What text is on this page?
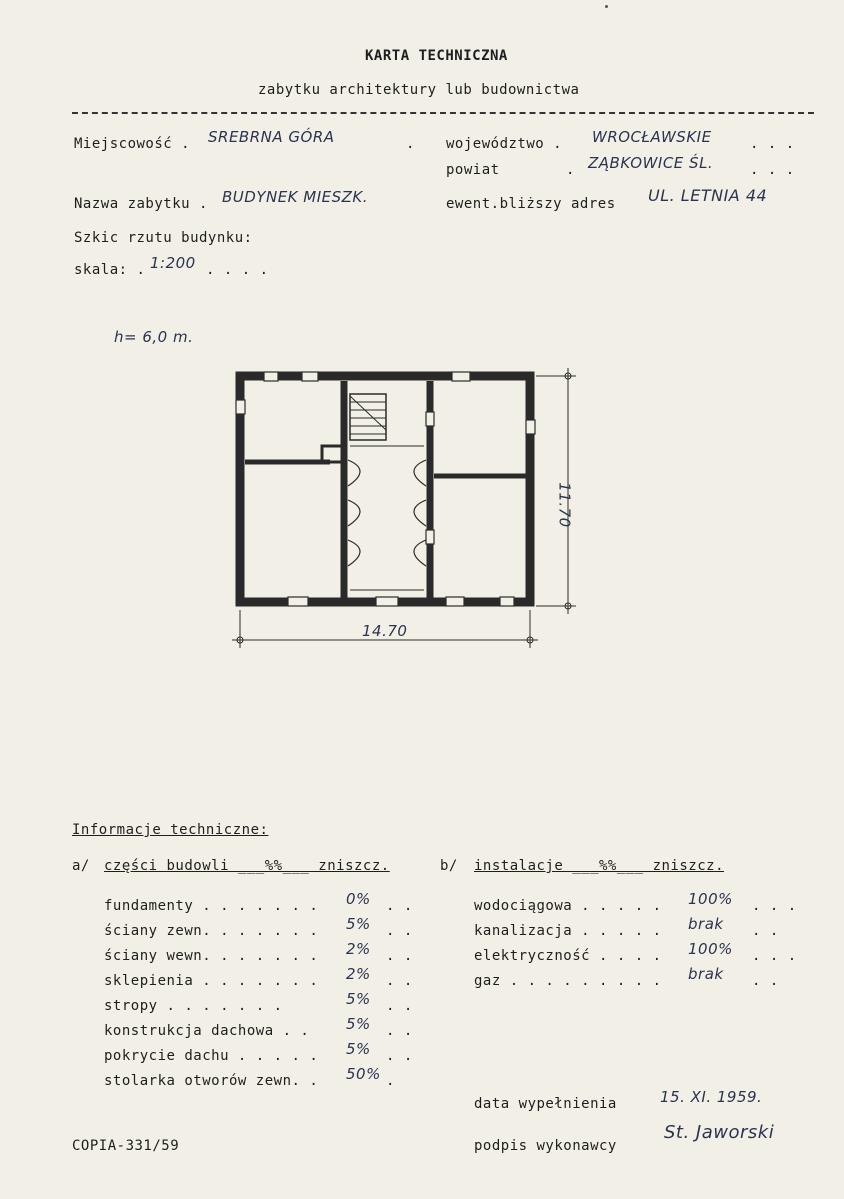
KARTA TECHNICZNA
zabytku architektury lub budownictwa
Miejscowość . SREBRNA GÓRA	. województwo . WROCŁAWSKIE	. . .
powiat	. ZĄBKOWICE ŚL.	. . .
Nazwa zabytku . BUDYNEK MIESZK.	ewent.bliższy adres UL. LETNIA 44
Szkic rzutu budynku:
skala: . 1:200 . . . .
h= 6,0 m.
14.70
11.70
Informacje techniczne:
a/ części budowli ___%%___ zniszcz.	b/ instalacje ___%%___ zniszcz.
fundamenty . . . . . . . 0% . .
ściany zewn. . . . . . . 5% . .
ściany wewn. . . . . . . 2% . .
sklepienia . . . . . . . 2% . .
stropy . . . . . . .	5% . .
konstrukcja dachowa . . 5% . .
pokrycie dachu . . . . . 5% . .
stolarka otworów zewn. . 50% .
wodociągowa . . . . . 100% . . .
kanalizacja . . . . . brak . .
elektryczność . . . . 100% . . .
gaz . . . . . . . . . brak . .
data wypełnienia	15. XI. 1959.
COPIA-331/59	podpis wykonawcy
St. Jaworski
